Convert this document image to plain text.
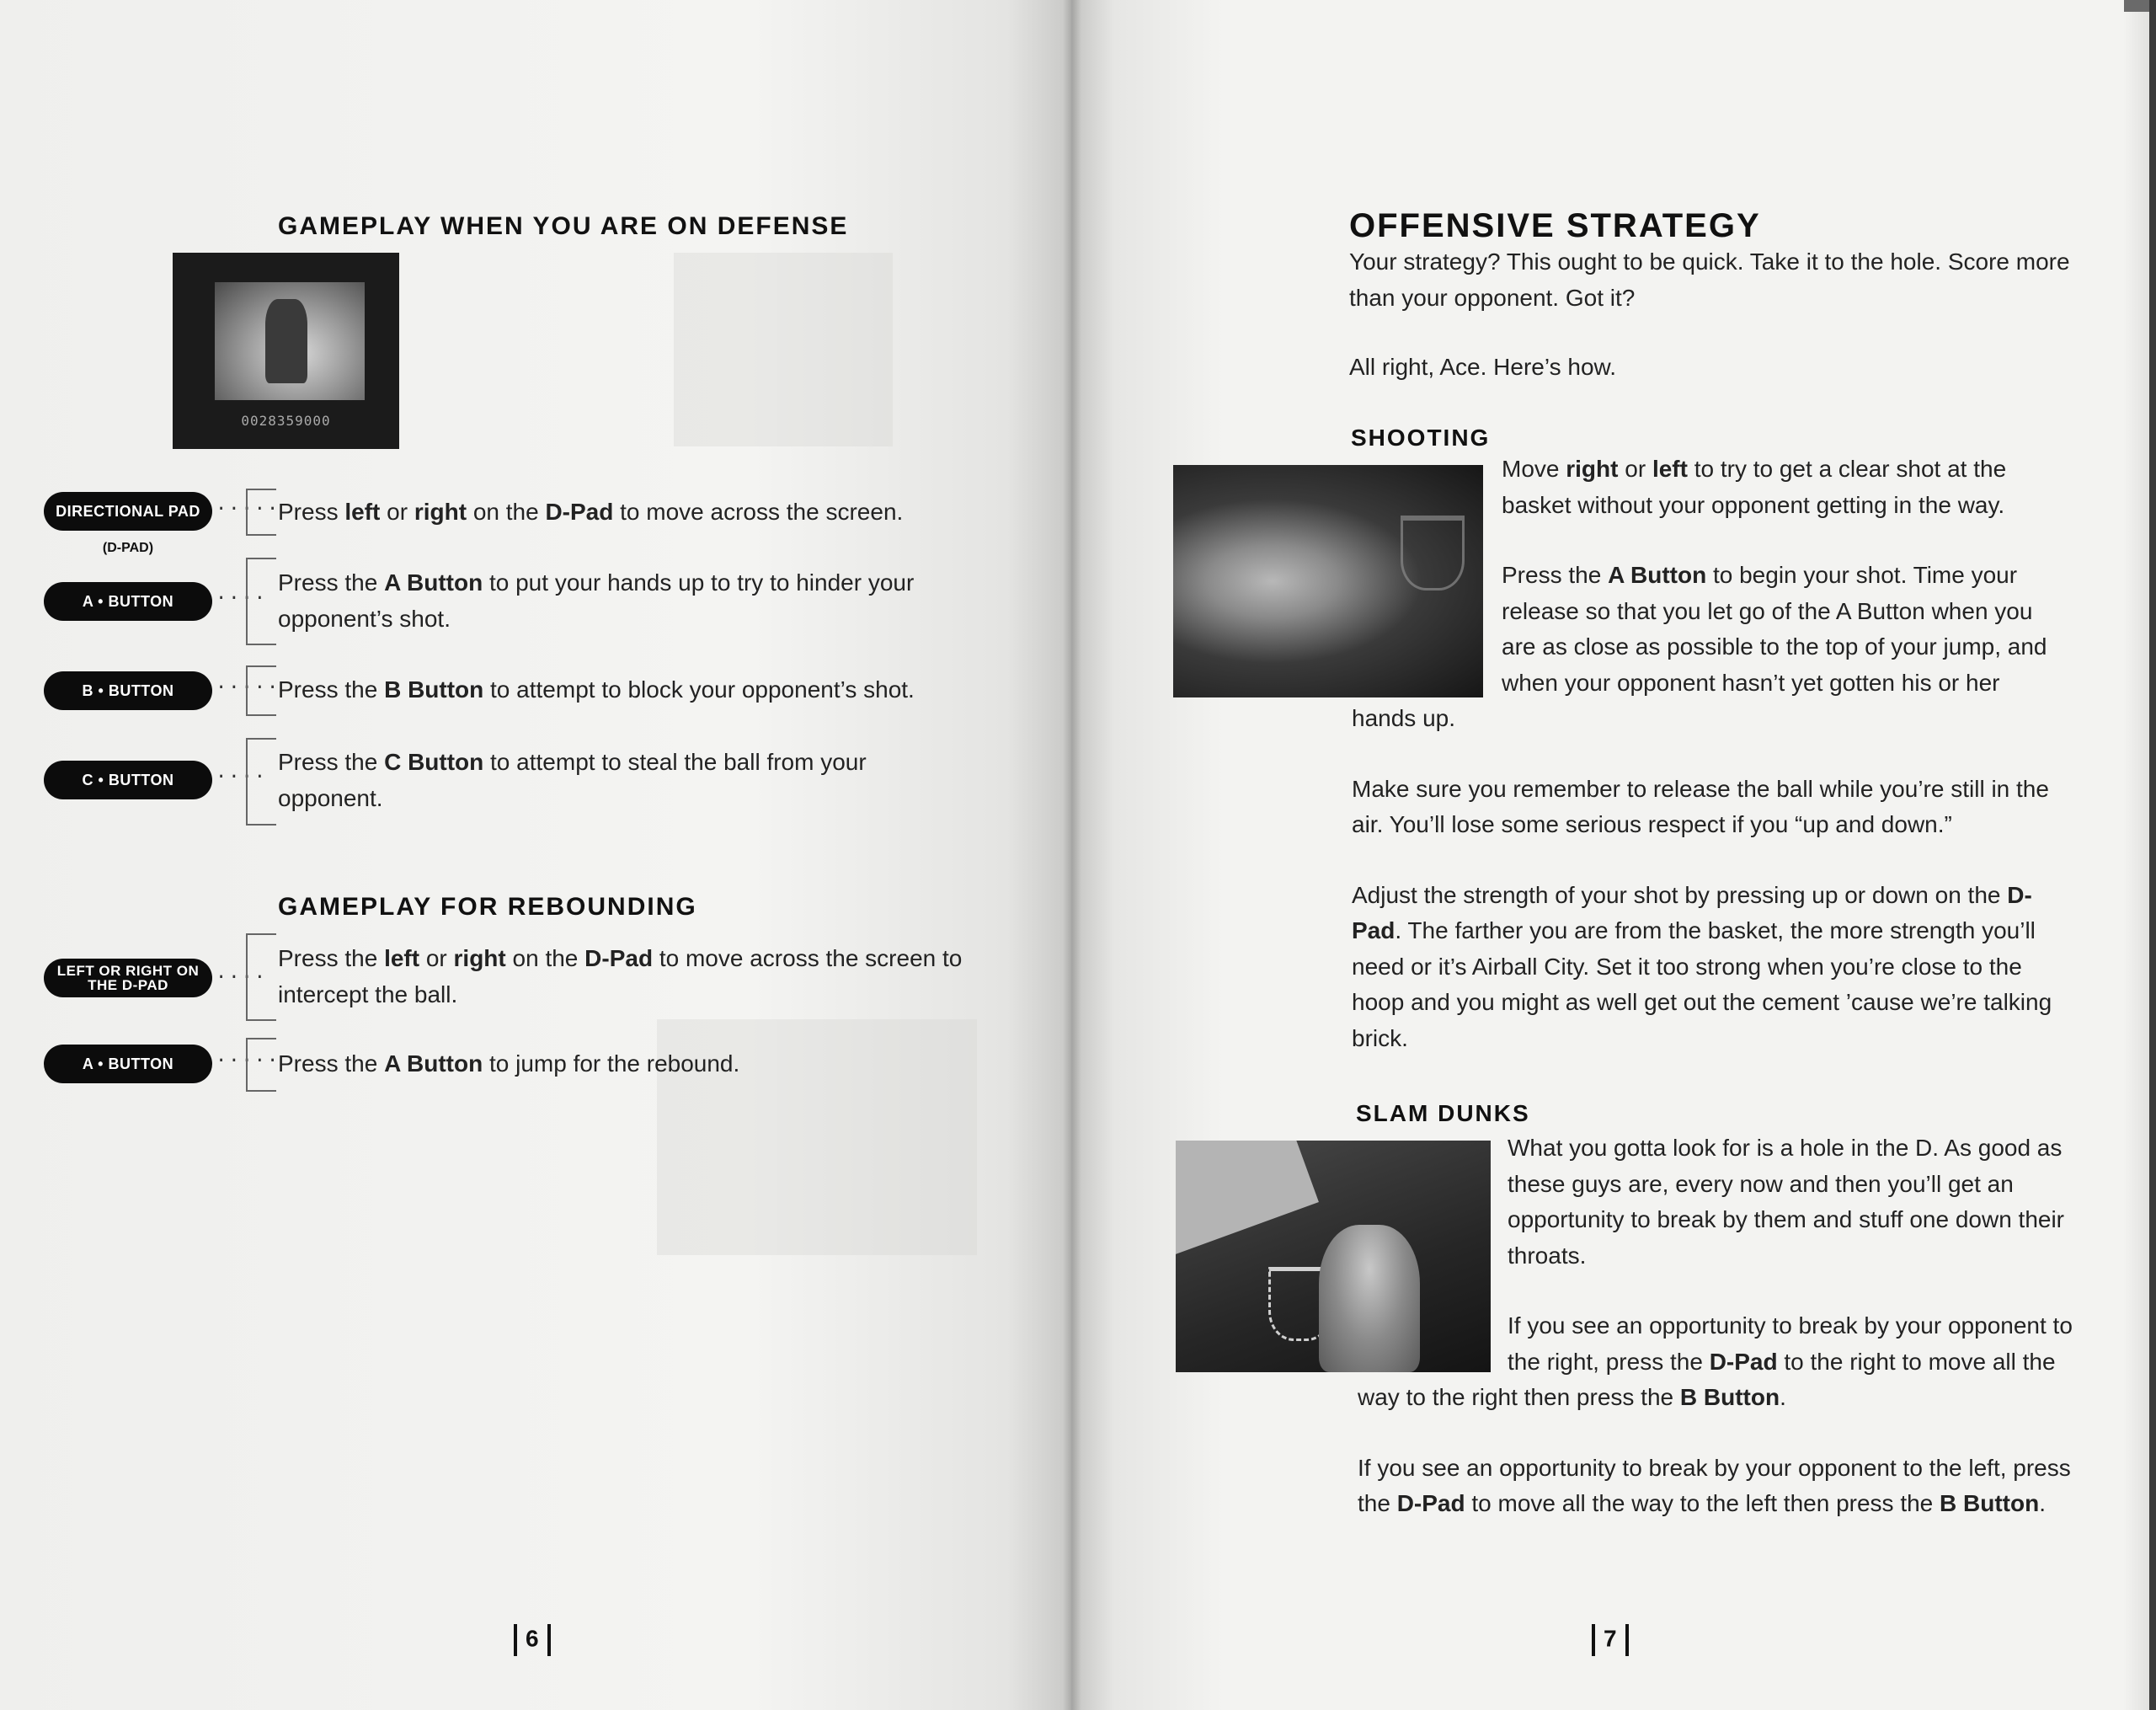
GAMEPLAY WHEN YOU ARE ON DEFENSE
0028359000
DIRECTIONAL PAD
(D-PAD)
·····

Press left or right on the D-Pad to move across the screen.

A • BUTTON	····

Press the A Button to put your hands up to try to hinder your opponent’s shot.

B • BUTTON	·····

Press the B Button to attempt to block your opponent’s shot.

C • BUTTON	····

Press the C Button to attempt to steal the ball from your opponent.

GAMEPLAY FOR REBOUNDING
LEFT OR RIGHT ON THE D-PAD	····

Press the left or right on the D-Pad to move across the screen to intercept the ball.

A • BUTTON	·····

Press the A Button to jump for the rebound.

6
OFFENSIVE STRATEGY

Your strategy? This ought to be quick. Take it to the hole. Score more than your opponent. Got it?

All right, Ace. Here’s how.

SHOOTING

Move right or left to try to get a clear shot at the basket without your opponent getting in the way.

Press the A Button to begin your shot. Time your release so that you let go of the A Button when you are as close as possible to the top of your jump, and when your opponent hasn’t yet gotten his or her hands up.

Make sure you remember to release the ball while you’re still in the air. You’ll lose some serious respect if you “up and down.”

Adjust the strength of your shot by pressing up or down on the D-Pad. The farther you are from the basket, the more strength you’ll need or it’s Airball City. Set it too strong when you’re close to the hoop and you might as well get out the cement ’cause we’re talking brick.

SLAM DUNKS

What you gotta look for is a hole in the D. As good as these guys are, every now and then you’ll get an opportunity to break by them and stuff one down their throats.

If you see an opportunity to break by your opponent to the right, press the D-Pad to the right to move all the way to the right then press the B Button.

If you see an opportunity to break by your opponent to the left, press the D-Pad to move all the way to the left then press the B Button.

7
